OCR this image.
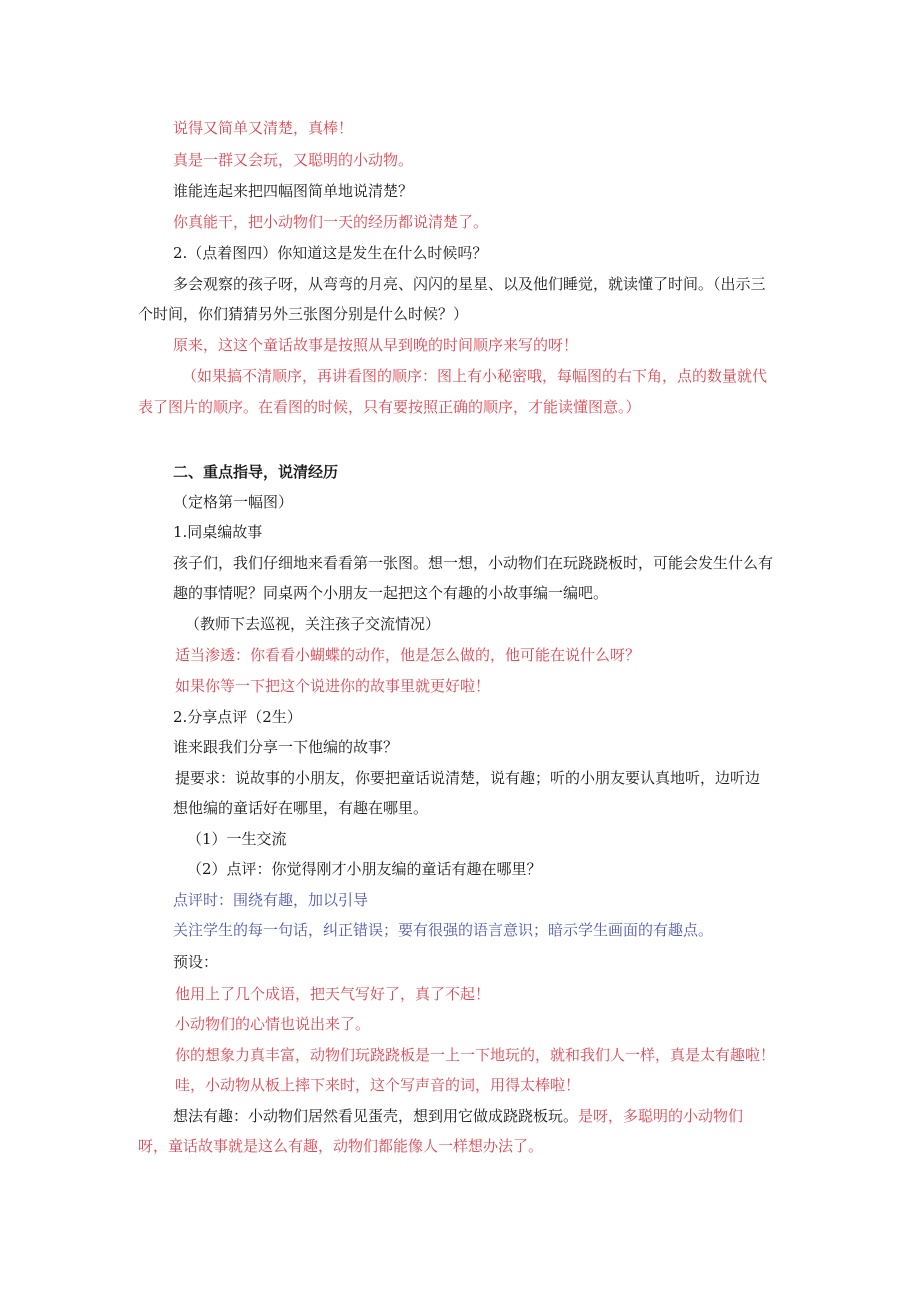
说得又简单又清楚，真棒！
真是一群又会玩，又聪明的小动物。
谁能连起来把四幅图简单地说清楚？
你真能干，把小动物们一天的经历都说清楚了。
2.（点着图四）你知道这是发生在什么时候吗？
多会观察的孩子呀，从弯弯的月亮、闪闪的星星、以及他们睡觉，就读懂了时间。（出示三
个时间，你们猜猜另外三张图分别是什么时候？）
原来，这这个童话故事是按照从早到晚的时间顺序来写的呀！
（如果搞不清顺序，再讲看图的顺序：图上有小秘密哦，每幅图的右下角，点的数量就代
表了图片的顺序。在看图的时候，只有要按照正确的顺序，才能读懂图意。）
二、重点指导，说清经历
（定格第一幅图）
1.同桌编故事
孩子们，我们仔细地来看看第一张图。想一想，小动物们在玩跷跷板时，可能会发生什么有
趣的事情呢？同桌两个小朋友一起把这个有趣的小故事编一编吧。
（教师下去巡视，关注孩子交流情况）
适当渗透：你看看小蝴蝶的动作，他是怎么做的，他可能在说什么呀？
如果你等一下把这个说进你的故事里就更好啦！
2.分享点评（2生）
谁来跟我们分享一下他编的故事？
提要求：说故事的小朋友，你要把童话说清楚，说有趣；听的小朋友要认真地听，边听边
想他编的童话好在哪里，有趣在哪里。
（1）一生交流
（2）点评：你觉得刚才小朋友编的童话有趣在哪里？
点评时：围绕有趣，加以引导
关注学生的每一句话，纠正错误；要有很强的语言意识；暗示学生画面的有趣点。
预设：
他用上了几个成语，把天气写好了，真了不起！
小动物们的心情也说出来了。
你的想象力真丰富，动物们玩跷跷板是一上一下地玩的，就和我们人一样，真是太有趣啦！
哇，小动物从板上摔下来时，这个写声音的词，用得太棒啦！
想法有趣：小动物们居然看见蛋壳，想到用它做成跷跷板玩。是呀，多聪明的小动物们
呀，童话故事就是这么有趣，动物们都能像人一样想办法了。
